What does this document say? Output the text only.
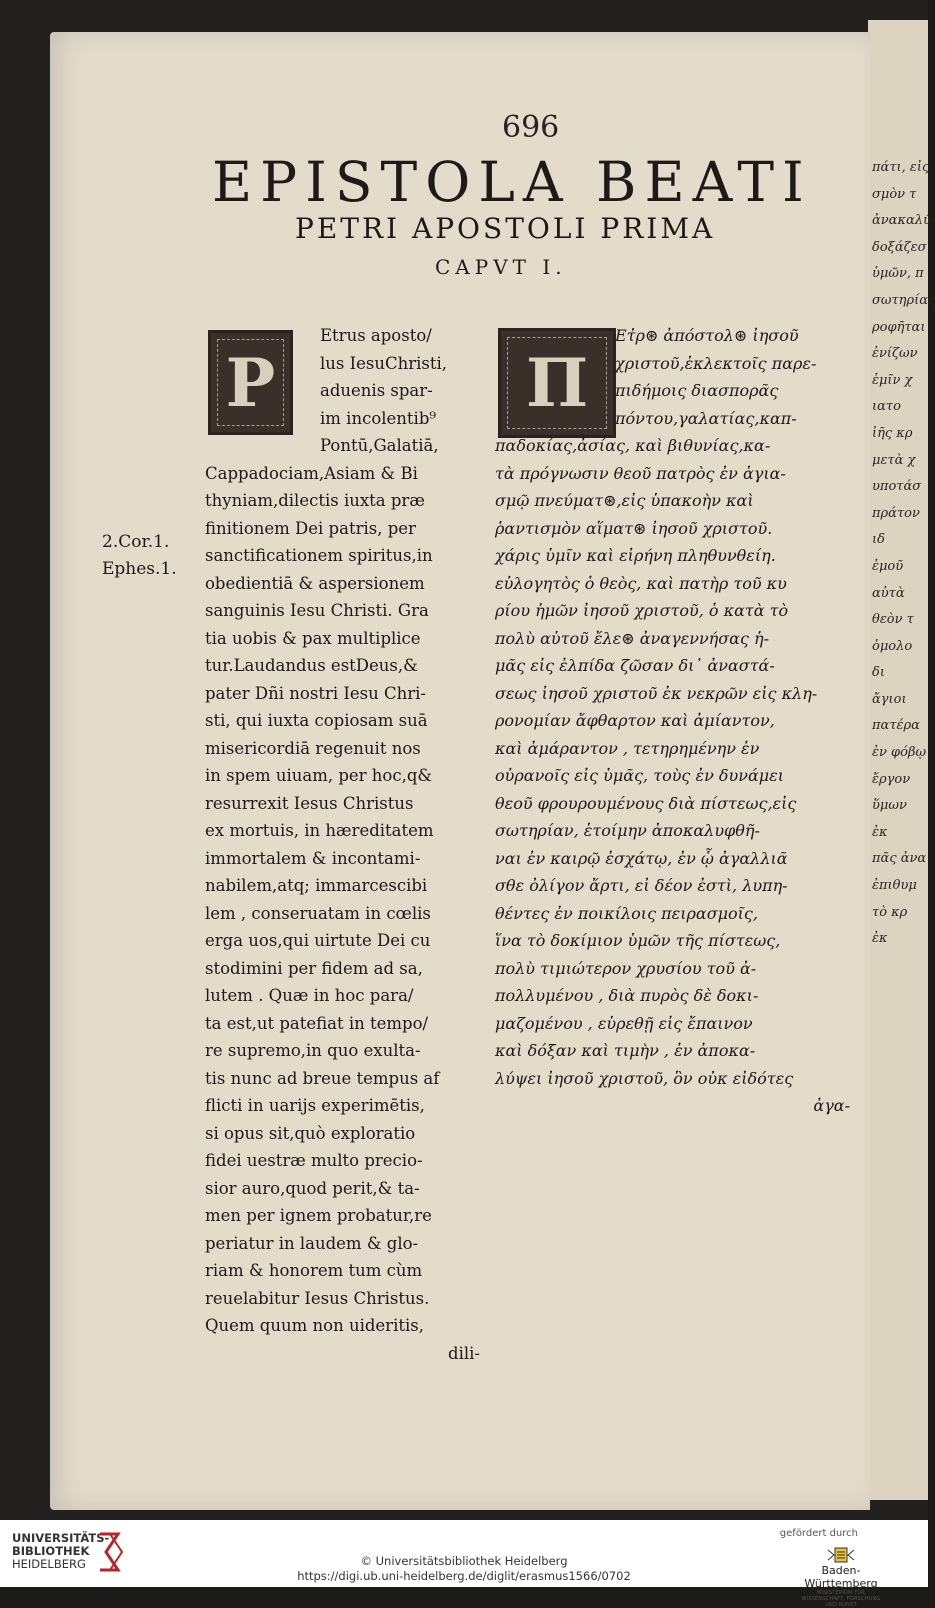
πάτι, εἰς
σμὸν τ
ἀνακαλύ
δοξάζεσ
ὑμῶν, π
σωτηρίας
ροφῆται
ἐνίζων
ἐμῖν χ
ιατο
ἰῆς κρ
μετὰ χ
υποτάσ
πράτον
ιδ
ἐμοῦ
αὐτὰ
θεὸν τ
ὁμολο
δι
ἄγιοι
πατέρα
ἐν φόβῳ
ἔργον
ὕμων
ἐκ
πᾶς ἀνα
ἐπιθυμ
τὸ κρ
ἐκ
696
EPISTOLA BEATI
PETRI APOSTOLI PRIMA
CAPVT I.
P	Π
Etrus aposto/
lus IesuChristi,
aduenis spar-
im incolentib⁹
Pontū,Galatiā,
Cappadociam,Asiam & Bi
thyniam,dilectis iuxta præ
finitionem Dei patris, per
sanctificationem spiritus,in
obedientiā & aspersionem
sanguinis Iesu Christi. Gra
tia uobis & pax multiplice
tur.Laudandus estDeus,&
pater Dñi nostri Iesu Chri-
sti, qui iuxta copiosam suā
misericordiā regenuit nos
in spem uiuam, per hoc,q&
resurrexit Iesus Christus
ex mortuis, in hæreditatem
immortalem & incontami-
nabilem,atq; immarcescibi
lem , conseruatam in cœlis
erga uos,qui uirtute Dei cu
stodimini per fidem ad sa,
lutem . Quæ in hoc para/
ta est,ut patefiat in tempo/
re supremo,in quo exulta-
tis nunc ad breue tempus af
flicti in uarijs experimētis,
si opus sit,quò exploratio
fidei uestræ multo precio-
sior auro,quod perit,& ta-
men per ignem probatur,re
periatur in laudem & glo-
riam & honorem tum cùm
reuelabitur Iesus Christus.
Quem quum non uideritis,
dili-
Ετ̓ρ⊛ ἀπόστολ⊛ ἰησοῦ
χριστοῦ,ἐκλεκτοῖς παρε-
πιδήμοις διασπορᾶς
πόντου,γαλατίας,καπ-
παδοκίας,ἀσίας, καὶ βιθυνίας,κα-
τὰ πρόγνωσιν θεοῦ πατρὸς ἐν ἁγια-
σμῷ πνεύματ⊛,εἰς ὑπακοὴν καὶ
ῥαντισμὸν αἵματ⊛ ἰησοῦ χριστοῦ.
χάρις ὑμῖν καὶ εἰρήνη πληθυνθείη.
εὐλογητὸς ὁ θεὸς, καὶ πατὴρ τοῦ κυ
ρίου ἡμῶν ἰησοῦ χριστοῦ, ὁ κατὰ τὸ
πολὺ αὐτοῦ ἔλε⊛ ἀναγεννήσας ἡ-
μᾶς εἰς ἐλπίδα ζῶσαν δι᾽ ἀναστά-
σεως ἰησοῦ χριστοῦ ἐκ νεκρῶν εἰς κλη-
ρονομίαν ἄφθαρτον καὶ ἀμίαντον,
καὶ ἀμάραντον , τετηρημένην ἐν
οὐρανοῖς εἰς ὑμᾶς, τοὺς ἐν δυνάμει
θεοῦ φρουρουμένους διὰ πίστεως,εἰς
σωτηρίαν, ἑτοίμην ἀποκαλυφθῆ-
ναι ἐν καιρῷ ἐσχάτῳ, ἐν ᾧ ἀγαλλιᾶ
σθε ὀλίγον ἄρτι, εἰ δέον ἐστὶ, λυπη-
θέντες ἐν ποικίλοις πειρασμοῖς,
ἵνα τὸ δοκίμιον ὑμῶν τῆς πίστεως,
πολὺ τιμιώτερον χρυσίου τοῦ ἀ-
πολλυμένου , διὰ πυρὸς δὲ δοκι-
μαζομένου , εὑρεθῇ εἰς ἔπαινον
καὶ δόξαν καὶ τιμὴν , ἐν ἀποκα-
λύψει ἰησοῦ χριστοῦ, ὃν οὐκ εἰδότες
ἀγα-
2.Cor.1.
Ephes.1.
UNIVERSITÄTS-
BIBLIOTHEK
HEIDELBERG	© Universitätsbibliothek Heidelberg
https://digi.ub.uni-heidelberg.de/diglit/erasmus1566/0702
gefördert durch
Baden-Württemberg
MINISTERIUM FÜR WISSENSCHAFT, FORSCHUNG UND KUNST
